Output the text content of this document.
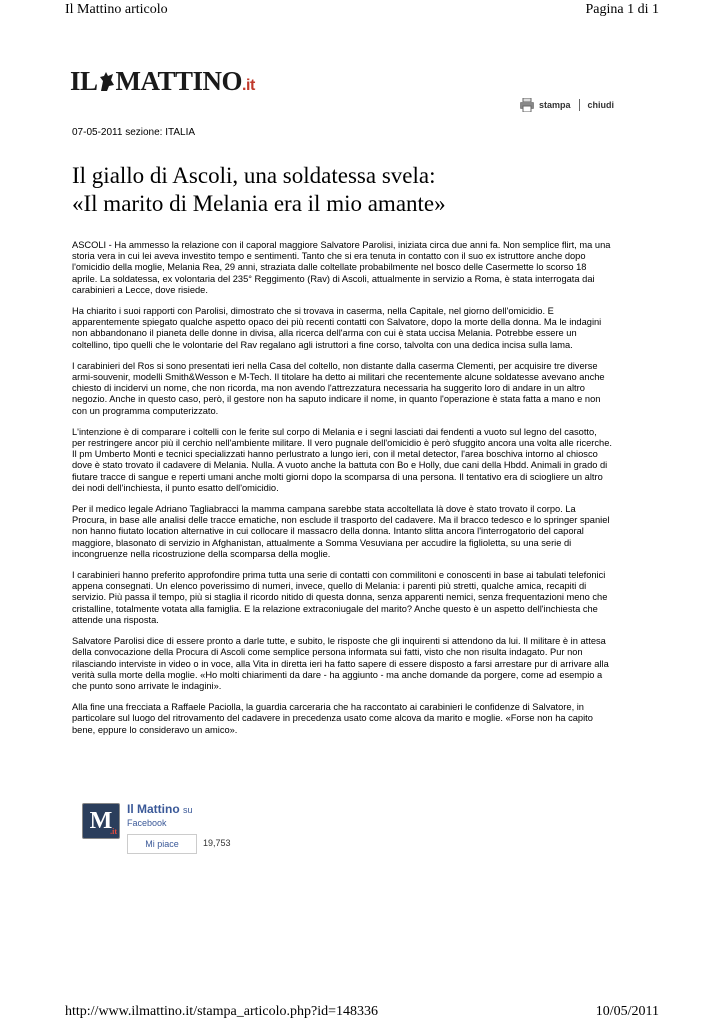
Il Mattino articolo	Pagina 1 di 1
IL MATTINO.it
stampa chiudi
07-05-2011 sezione: ITALIA
Il giallo di Ascoli, una soldatessa svela:
«Il marito di Melania era il mio amante»

ASCOLI - Ha ammesso la relazione con il caporal maggiore Salvatore Parolisi, iniziata circa due anni fa. Non semplice flirt, ma una storia vera in cui lei aveva investito tempo e sentimenti. Tanto che si era tenuta in contatto con il suo ex istruttore anche dopo l'omicidio della moglie, Melania Rea, 29 anni, straziata dalle coltellate probabilmente nel bosco delle Casermette lo scorso 18 aprile. La soldatessa, ex volontaria del 235° Reggimento (Rav) di Ascoli, attualmente in servizio a Roma, è stata interrogata dai carabinieri a Lecce, dove risiede.

Ha chiarito i suoi rapporti con Parolisi, dimostrato che si trovava in caserma, nella Capitale, nel giorno dell'omicidio. E apparentemente spiegato qualche aspetto opaco dei più recenti contatti con Salvatore, dopo la morte della donna. Ma le indagini non abbandonano il pianeta delle donne in divisa, alla ricerca dell'arma con cui è stata uccisa Melania. Potrebbe essere un coltellino, tipo quelli che le volontarie del Rav regalano agli istruttori a fine corso, talvolta con una dedica incisa sulla lama.

I carabinieri del Ros si sono presentati ieri nella Casa del coltello, non distante dalla caserma Clementi, per acquisire tre diverse armi-souvenir, modelli Smith&Wesson e M-Tech. Il titolare ha detto ai militari che recentemente alcune soldatesse avevano anche chiesto di incidervi un nome, che non ricorda, ma non avendo l'attrezzatura necessaria ha suggerito loro di andare in un altro negozio. Anche in questo caso, però, il gestore non ha saputo indicare il nome, in quanto l'operazione è stata fatta a mano e non con un programma computerizzato.

L'intenzione è di comparare i coltelli con le ferite sul corpo di Melania e i segni lasciati dai fendenti a vuoto sul legno del casotto, per restringere ancor più il cerchio nell'ambiente militare. Il vero pugnale dell'omicidio è però sfuggito ancora una volta alle ricerche. Il pm Umberto Monti e tecnici specializzati hanno perlustrato a lungo ieri, con il metal detector, l'area boschiva intorno al chiosco dove è stato trovato il cadavere di Melania. Nulla. A vuoto anche la battuta con Bo e Holly, due cani della Hbdd. Animali in grado di fiutare tracce di sangue e reperti umani anche molti giorni dopo la scomparsa di una persona. Il tentativo era di sciogliere un altro dei nodi dell'inchiesta, il punto esatto dell'omicidio.

Per il medico legale Adriano Tagliabracci la mamma campana sarebbe stata accoltellata là dove è stato trovato il corpo. La Procura, in base alle analisi delle tracce ematiche, non esclude il trasporto del cadavere. Ma il bracco tedesco e lo springer spaniel non hanno fiutato location alternative in cui collocare il massacro della donna. Intanto slitta ancora l'interrogatorio del caporal maggiore, blasonato di servizio in Afghanistan, attualmente a Somma Vesuviana per accudire la figlioletta, su una serie di incongruenze nella ricostruzione della scomparsa della moglie.

I carabinieri hanno preferito approfondire prima tutta una serie di contatti con commilitoni e conoscenti in base ai tabulati telefonici appena consegnati. Un elenco poverissimo di numeri, invece, quello di Melania: i parenti più stretti, qualche amica, recapiti di servizio. Più passa il tempo, più si staglia il ricordo nitido di questa donna, senza apparenti nemici, senza frequentazioni meno che cristalline, totalmente votata alla famiglia. E la relazione extraconiugale del marito? Anche questo è un aspetto dell'inchiesta che attende una risposta.

Salvatore Parolisi dice di essere pronto a darle tutte, e subito, le risposte che gli inquirenti si attendono da lui. Il militare è in attesa della convocazione della Procura di Ascoli come semplice persona informata sui fatti, visto che non risulta indagato. Pur non rilasciando interviste in video o in voce, alla Vita in diretta ieri ha fatto sapere di essere disposto a farsi arrestare pur di arrivare alla verità sulla morte della moglie. «Ho molti chiarimenti da dare - ha aggiunto - ma anche domande da porgere, come ad esempio a che punto sono arrivate le indagini».

Alla fine una frecciata a Raffaele Paciolla, la guardia carceraria che ha raccontato ai carabinieri le confidenze di Salvatore, in particolare sul luogo del ritrovamento del cadavere in precedenza usato come alcova da marito e moglie. «Forse non ha capito bene, eppure lo consideravo un amico».

M
.it
Il Mattino su
Facebook
Mi piace	19,753
http://www.ilmattino.it/stampa_articolo.php?id=148336	10/05/2011
